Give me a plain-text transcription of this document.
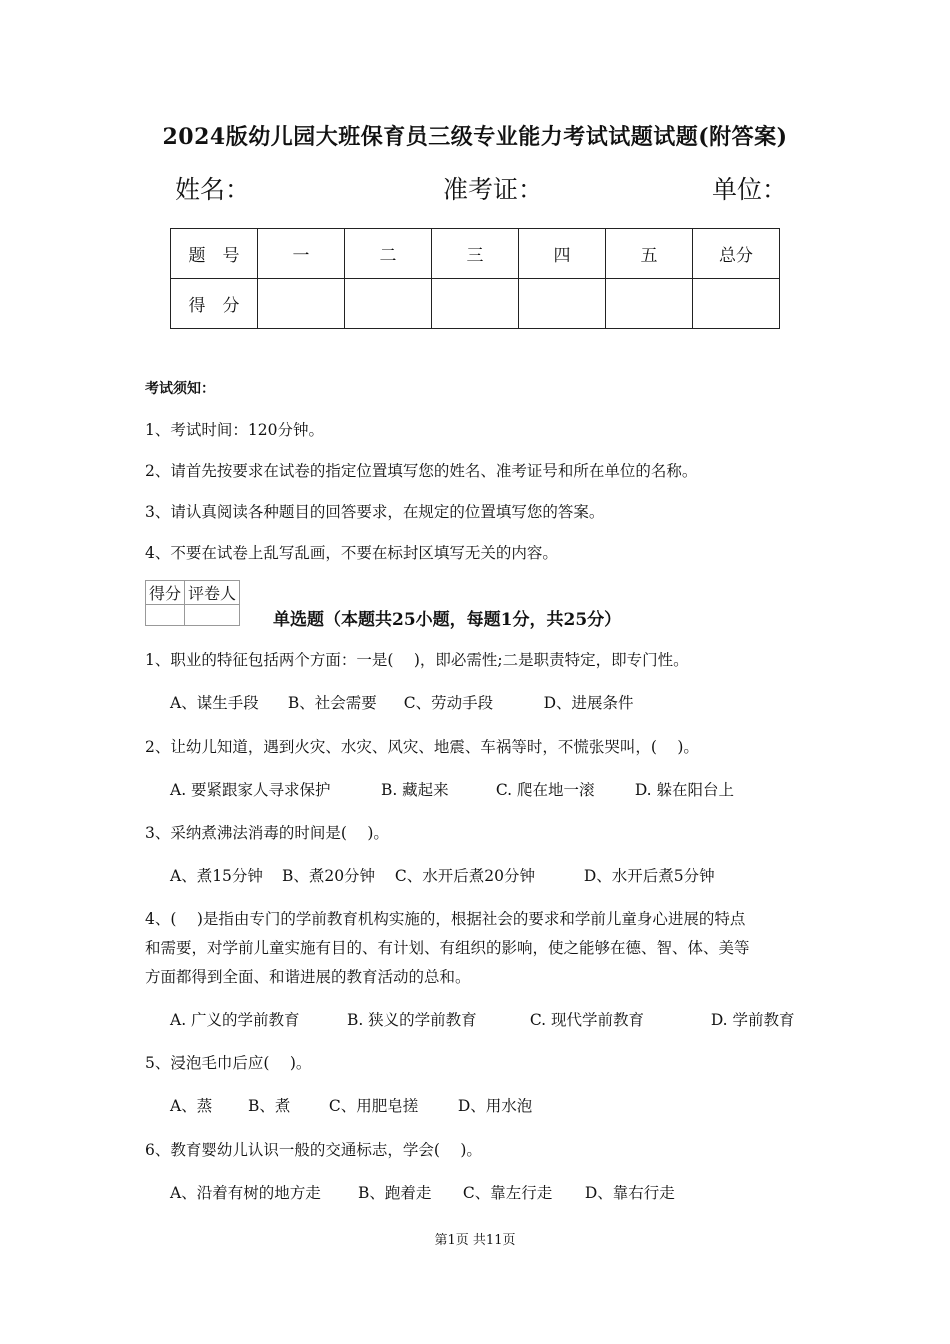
2024版幼儿园大班保育员三级专业能力考试试题试题(附答案)
姓名：	准考证：	单位：
题　号	一	二	三	四	五	总分
得　分						
考试须知：
1、考试时间：120分钟。
2、请首先按要求在试卷的指定位置填写您的姓名、准考证号和所在单位的名称。
3、请认真阅读各种题目的回答要求，在规定的位置填写您的答案。
4、不要在试卷上乱写乱画，不要在标封区填写无关的内容。
得分	评卷人

单选题（本题共25小题，每题1分，共25分）
1、职业的特征包括两个方面：一是(　 )，即必需性;二是职责特定，即专门性。
A、谋生手段 B、社会需要 C、劳动手段	D、进展条件
2、让幼儿知道，遇到火灾、水灾、风灾、地震、车祸等时，不慌张哭叫，(　 )。
A. 要紧跟家人寻求保护	B. 藏起来	C. 爬在地一滚	D. 躲在阳台上
3、采纳煮沸法消毒的时间是(　 )。
A、煮15分钟 B、煮20分钟 C、水开后煮20分钟	D、水开后煮5分钟
4、(　 )是指由专门的学前教育机构实施的，根据社会的要求和学前儿童身心进展的特点
和需要，对学前儿童实施有目的、有计划、有组织的影响，使之能够在德、智、体、美等
方面都得到全面、和谐进展的教育活动的总和。
A. 广义的学前教育	B. 狭义的学前教育	C. 现代学前教育	D. 学前教育
5、浸泡毛巾后应(　 )。
A、蒸 B、煮 C、用肥皂搓	D、用水泡
6、教育婴幼儿认识一般的交通标志，学会(　 )。
A、沿着有树的地方走 B、跑着走 C、靠左行走 D、靠右行走
第1页 共11页
